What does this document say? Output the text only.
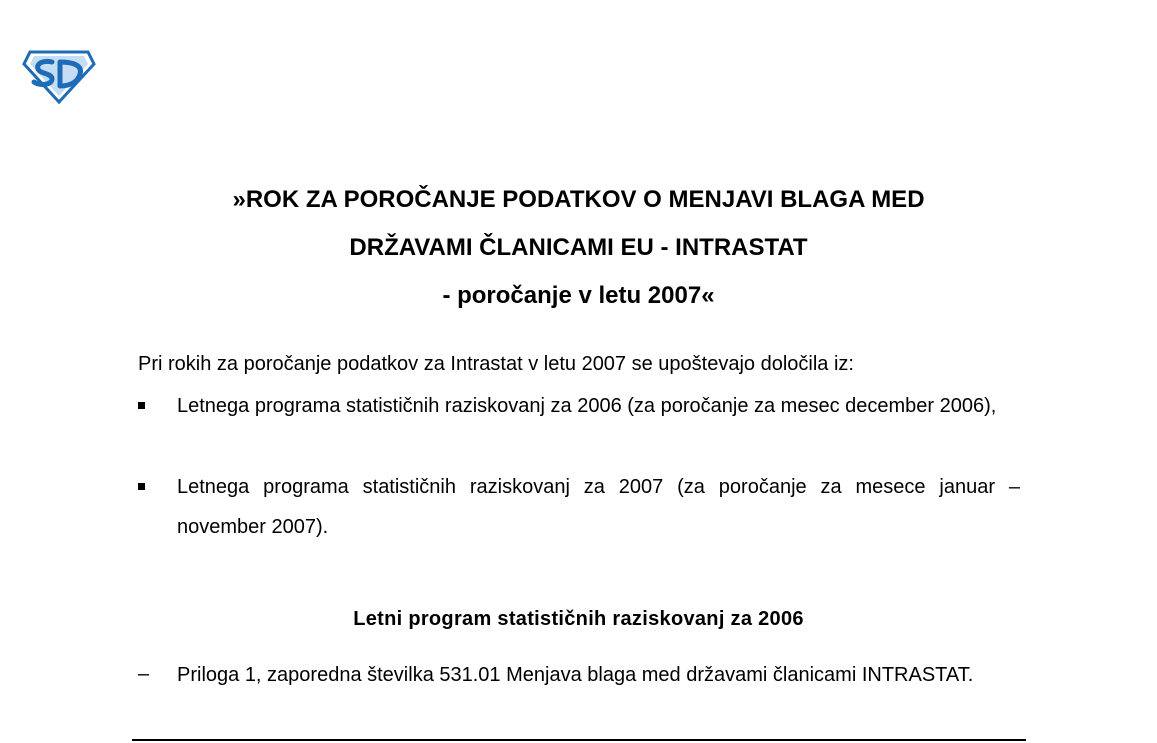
»ROK ZA POROČANJE PODATKOV O MENJAVI BLAGA MED
DRŽAVAMI ČLANICAMI EU - INTRASTAT
- poročanje v letu 2007«

Pri rokih za poročanje podatkov za Intrastat v letu 2007 se upoštevajo določila iz:

Letnega programa statističnih raziskovanj za 2006 (za poročanje za mesec december 2006),

Letnega programa statističnih raziskovanj za 2007 (za poročanje za mesece januar – november 2007).

Letni program statističnih raziskovanj za 2006
– Priloga 1, zaporedna številka 531.01 Menjava blaga med državami članicami INTRASTAT.
